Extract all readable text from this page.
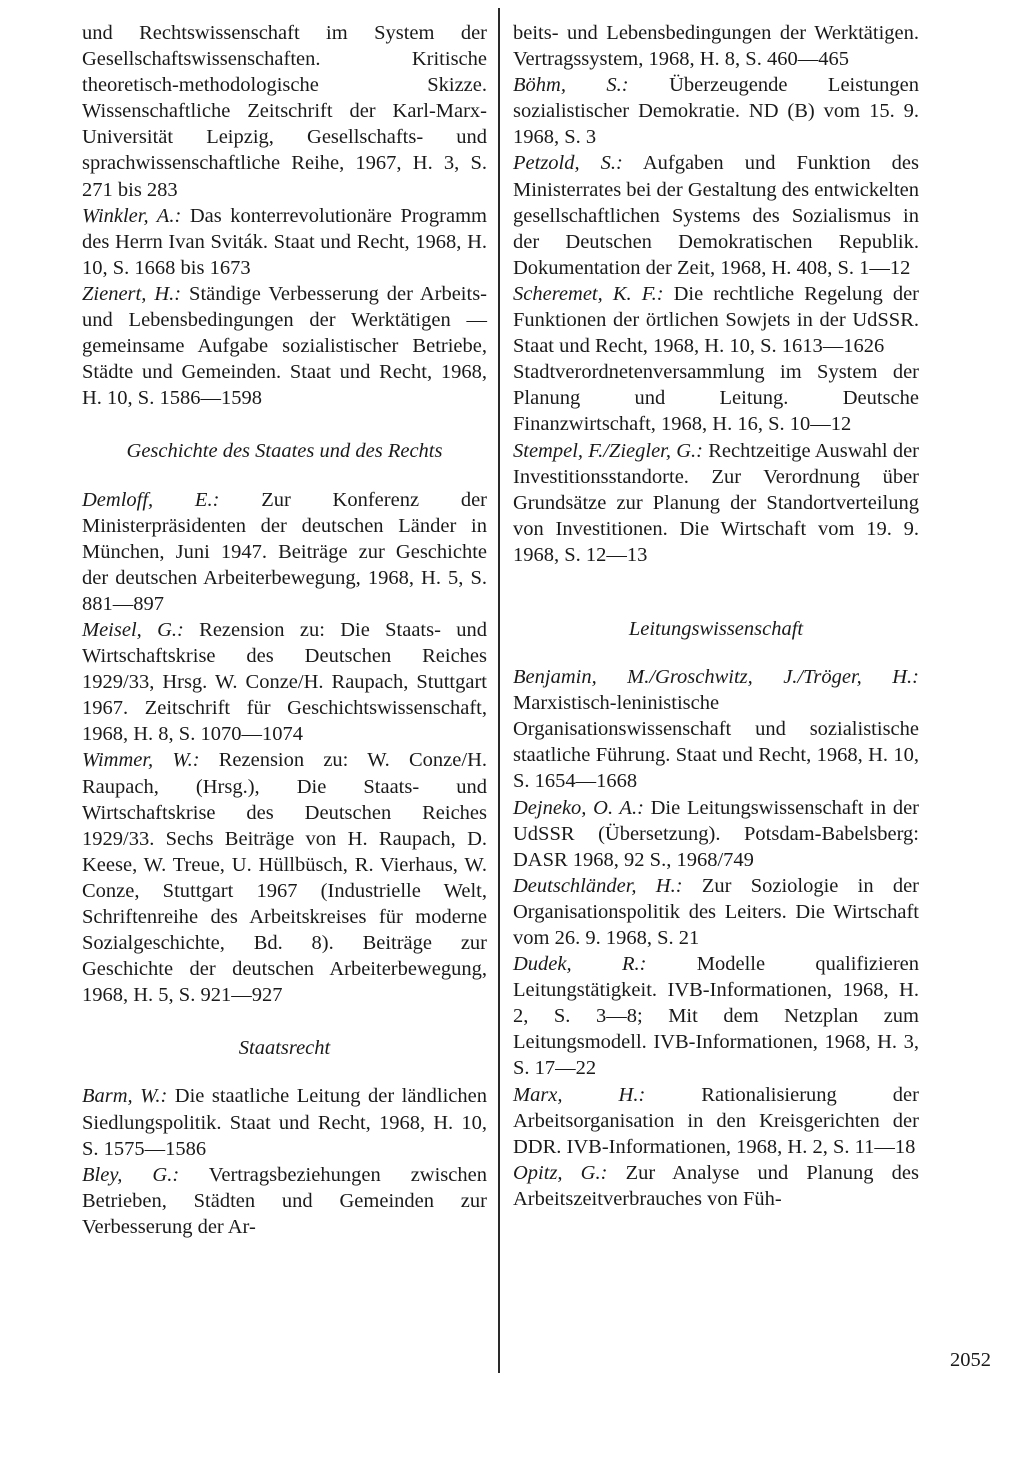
und Rechtswissenschaft im System der Gesellschaftswissenschaften. Kritische theoretisch-methodologische Skizze. Wissenschaftliche Zeitschrift der Karl-Marx-Universität Leipzig, Gesellschafts- und sprachwissenschaftliche Reihe, 1967, H. 3, S. 271 bis 283

Winkler, A.: Das konterrevolutionäre Programm des Herrn Ivan Sviták. Staat und Recht, 1968, H. 10, S. 1668 bis 1673

Zienert, H.: Ständige Verbesserung der Arbeits- und Lebensbedingungen der Werktätigen — gemeinsame Aufgabe sozialistischer Betriebe, Städte und Gemeinden. Staat und Recht, 1968, H. 10, S. 1586—1598

Geschichte des Staates und des Rechts

Demloff, E.: Zur Konferenz der Ministerpräsidenten der deutschen Länder in München, Juni 1947. Beiträge zur Geschichte der deutschen Arbeiterbewegung, 1968, H. 5, S. 881—897

Meisel, G.: Rezension zu: Die Staats- und Wirtschaftskrise des Deutschen Reiches 1929/33, Hrsg. W. Conze/H. Raupach, Stuttgart 1967. Zeitschrift für Geschichtswissenschaft, 1968, H. 8, S. 1070—1074

Wimmer, W.: Rezension zu: W. Conze/H. Raupach, (Hrsg.), Die Staats- und Wirtschaftskrise des Deutschen Reiches 1929/33. Sechs Beiträge von H. Raupach, D. Keese, W. Treue, U. Hüllbüsch, R. Vierhaus, W. Conze, Stuttgart 1967 (Industrielle Welt, Schriftenreihe des Arbeitskreises für moderne Sozialgeschichte, Bd. 8). Beiträge zur Geschichte der deutschen Arbeiterbewegung, 1968, H. 5, S. 921—927

Staatsrecht

Barm, W.: Die staatliche Leitung der ländlichen Siedlungspolitik. Staat und Recht, 1968, H. 10, S. 1575—1586

Bley, G.: Vertragsbeziehungen zwischen Betrieben, Städten und Gemeinden zur Verbesserung der Ar-

beits- und Lebensbedingungen der Werktätigen. Vertragssystem, 1968, H. 8, S. 460—465

Böhm, S.: Überzeugende Leistungen sozialistischer Demokratie. ND (B) vom 15. 9. 1968, S. 3

Petzold, S.: Aufgaben und Funktion des Ministerrates bei der Gestaltung des entwickelten gesellschaftlichen Systems des Sozialismus in der Deutschen Demokratischen Republik. Dokumentation der Zeit, 1968, H. 408, S. 1—12

Scheremet, K. F.: Die rechtliche Regelung der Funktionen der örtlichen Sowjets in der UdSSR. Staat und Recht, 1968, H. 10, S. 1613—1626

Stadtverordnetenversammlung im System der Planung und Leitung. Deutsche Finanzwirtschaft, 1968, H. 16, S. 10—12

Stempel, F./Ziegler, G.: Rechtzeitige Auswahl der Investitionsstandorte. Zur Verordnung über Grundsätze zur Planung der Standortverteilung von Investitionen. Die Wirtschaft vom 19. 9. 1968, S. 12—13

Leitungswissenschaft

Benjamin, M./Groschwitz, J./Tröger, H.: Marxistisch-leninistische Organisationswissenschaft und sozialistische staatliche Führung. Staat und Recht, 1968, H. 10, S. 1654—1668

Dejneko, O. A.: Die Leitungswissenschaft in der UdSSR (Übersetzung). Potsdam-Babelsberg: DASR 1968, 92 S., 1968/749

Deutschländer, H.: Zur Soziologie in der Organisationspolitik des Leiters. Die Wirtschaft vom 26. 9. 1968, S. 21

Dudek, R.: Modelle qualifizieren Leitungstätigkeit. IVB-Informationen, 1968, H. 2, S. 3—8; Mit dem Netzplan zum Leitungsmodell. IVB-Informationen, 1968, H. 3, S. 17—22

Marx, H.: Rationalisierung der Arbeitsorganisation in den Kreisgerichten der DDR. IVB-Informationen, 1968, H. 2, S. 11—18

Opitz, G.: Zur Analyse und Planung des Arbeitszeitverbrauches von Füh-

2052
